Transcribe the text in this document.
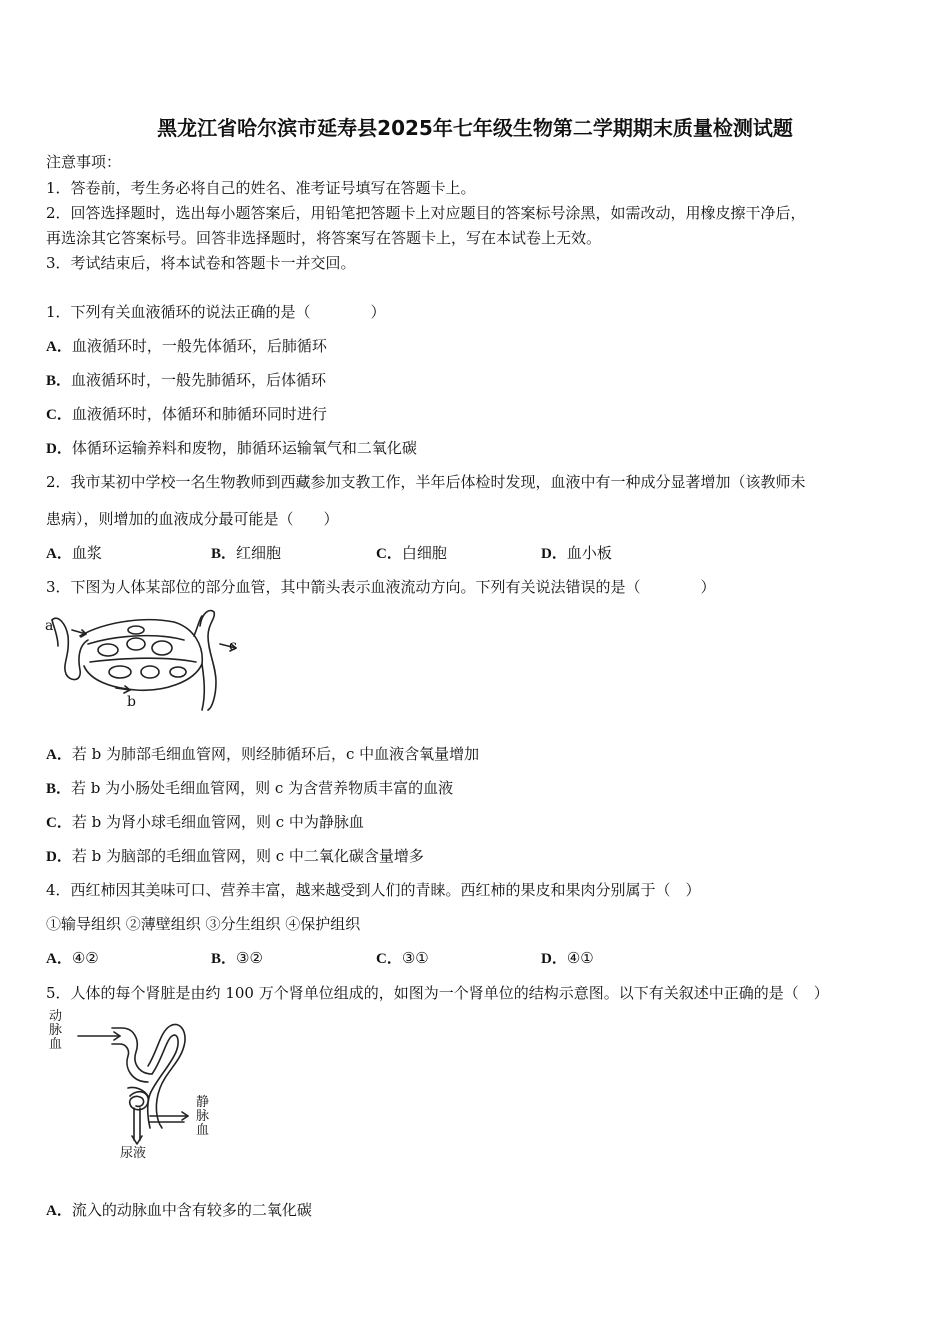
黑龙江省哈尔滨市延寿县2025年七年级生物第二学期期末质量检测试题
注意事项：
1．答卷前，考生务必将自己的姓名、准考证号填写在答题卡上。
2．回答选择题时，选出每小题答案后，用铅笔把答题卡上对应题目的答案标号涂黑，如需改动，用橡皮擦干净后，
再选涂其它答案标号。回答非选择题时，将答案写在答题卡上，写在本试卷上无效。
3．考试结束后，将本试卷和答题卡一并交回。
1．下列有关血液循环的说法正确的是（　　　　）
A．血液循环时，一般先体循环，后肺循环
B．血液循环时，一般先肺循环，后体循环
C．血液循环时，体循环和肺循环同时进行
D．体循环运输养料和废物，肺循环运输氧气和二氧化碳
2．我市某初中学校一名生物教师到西藏参加支教工作，半年后体检时发现，血液中有一种成分显著增加（该教师未
患病），则增加的血液成分最可能是（　　）
A．血浆	B．红细胞	C．白细胞	D．血小板
3．下图为人体某部位的部分血管，其中箭头表示血液流动方向。下列有关说法错误的是（　　　　）
a
c
b
A．若 b 为肺部毛细血管网，则经肺循环后，c 中血液含氧量增加
B．若 b 为小肠处毛细血管网，则 c 为含营养物质丰富的血液
C．若 b 为肾小球毛细血管网，则 c 中为静脉血
D．若 b 为脑部的毛细血管网，则 c 中二氧化碳含量增多
4．西红柿因其美味可口、营养丰富，越来越受到人们的青睐。西红柿的果皮和果肉分别属于（　）
①输导组织 ②薄壁组织 ③分生组织 ④保护组织
A．④②	B．③②	C．③①	D．④①
5．人体的每个肾脏是由约 100 万个肾单位组成的，如图为一个肾单位的结构示意图。以下有关叙述中正确的是（　）
动
脉
血
静
脉
血
尿液
A．流入的动脉血中含有较多的二氧化碳
